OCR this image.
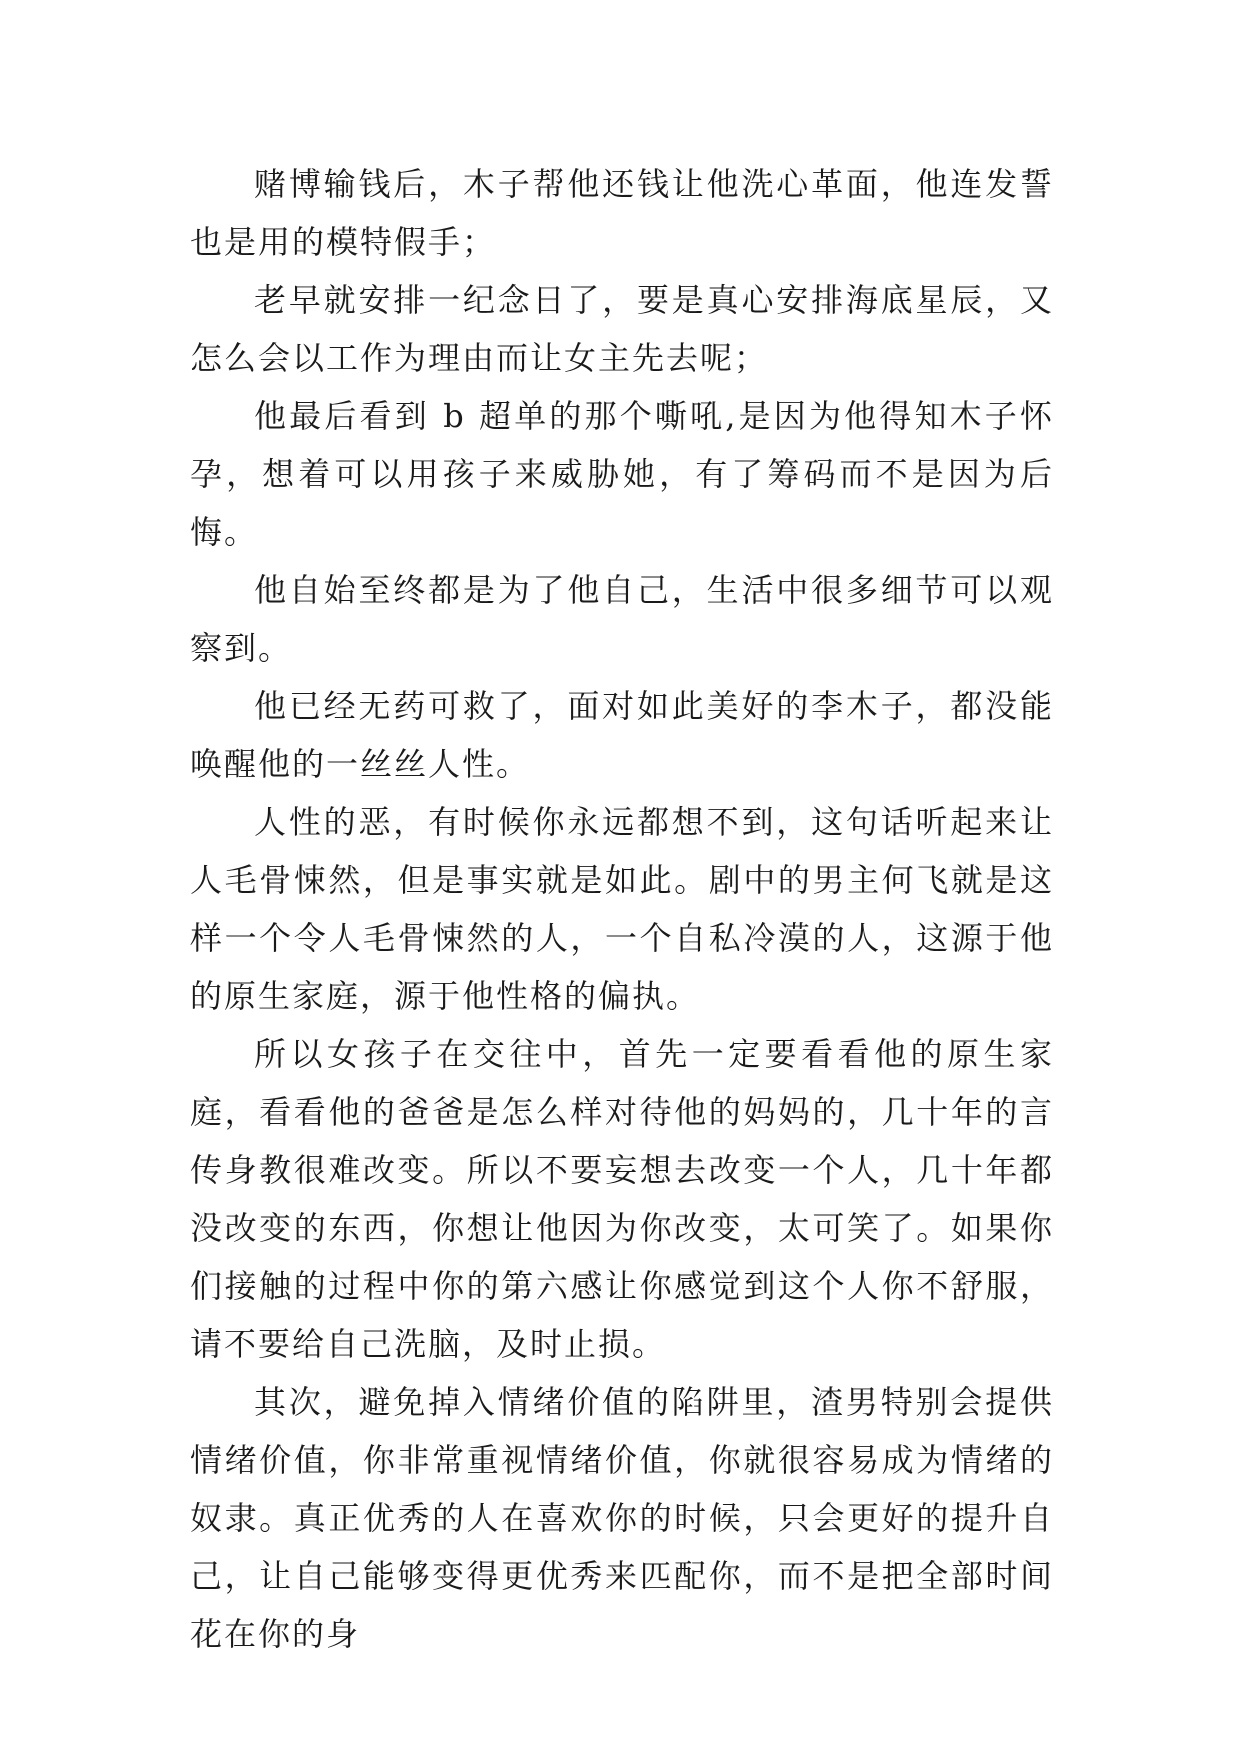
赌博输钱后，木子帮他还钱让他洗心革面，他连发誓也是用的模特假手；

老早就安排一纪念日了，要是真心安排海底星辰，又怎么会以工作为理由而让女主先去呢；

他最后看到 b 超单的那个嘶吼,是因为他得知木子怀孕，想着可以用孩子来威胁她，有了筹码而不是因为后悔。

他自始至终都是为了他自己，生活中很多细节可以观察到。

他已经无药可救了，面对如此美好的李木子，都没能唤醒他的一丝丝人性。

人性的恶，有时候你永远都想不到，这句话听起来让人毛骨悚然，但是事实就是如此。剧中的男主何飞就是这样一个令人毛骨悚然的人，一个自私冷漠的人，这源于他的原生家庭，源于他性格的偏执。

所以女孩子在交往中，首先一定要看看他的原生家庭，看看他的爸爸是怎么样对待他的妈妈的，几十年的言传身教很难改变。所以不要妄想去改变一个人，几十年都没改变的东西，你想让他因为你改变，太可笑了。如果你们接触的过程中你的第六感让你感觉到这个人你不舒服，请不要给自己洗脑，及时止损。

其次，避免掉入情绪价值的陷阱里，渣男特别会提供情绪价值，你非常重视情绪价值，你就很容易成为情绪的奴隶。真正优秀的人在喜欢你的时候，只会更好的提升自己，让自己能够变得更优秀来匹配你，而不是把全部时间花在你的身
